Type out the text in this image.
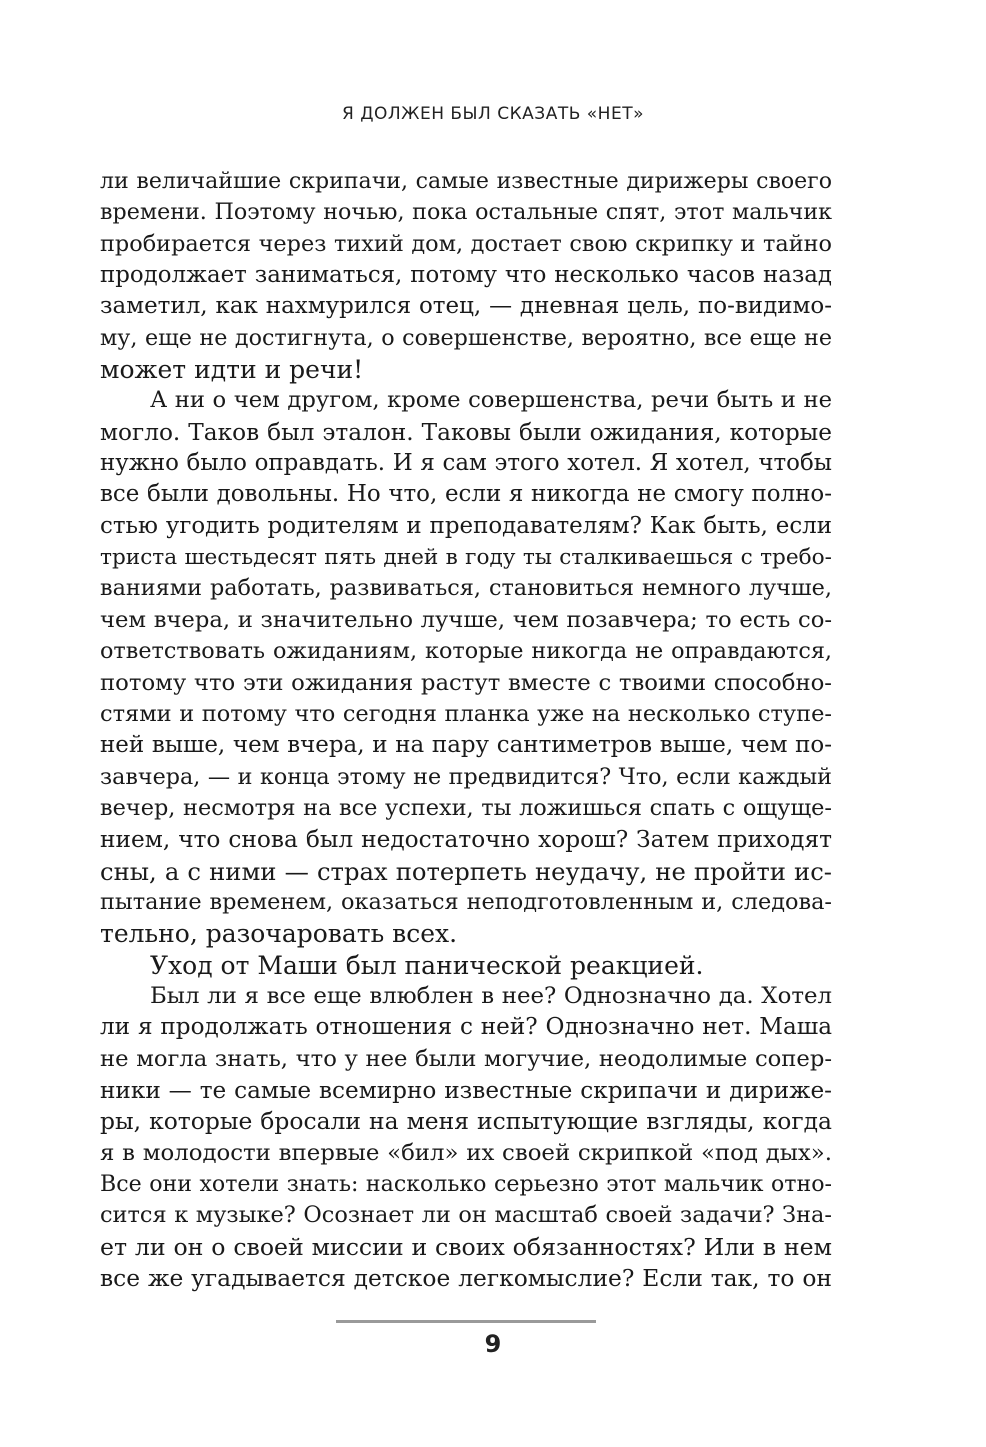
Я ДОЛЖЕН БЫЛ СКАЗАТЬ «НЕТ»
ли величайшие скрипачи, самые известные дирижеры своего
времени. Поэтому ночью, пока остальные спят, этот мальчик
пробирается через тихий дом, достает свою скрипку и тайно
продолжает заниматься, потому что несколько часов назад
заметил, как нахмурился отец, — дневная цель, по-видимо-
му, еще не достигнута, о совершенстве, вероятно, все еще не
может идти и речи!
А ни о чем другом, кроме совершенства, речи быть и не
могло. Таков был эталон. Таковы были ожидания, которые
нужно было оправдать. И я сам этого хотел. Я хотел, чтобы
все были довольны. Но что, если я никогда не смогу полно-
стью угодить родителям и преподавателям? Как быть, если
триста шестьдесят пять дней в году ты сталкиваешься с требо-
ваниями работать, развиваться, становиться немного лучше,
чем вчера, и значительно лучше, чем позавчера; то есть со-
ответствовать ожиданиям, которые никогда не оправдаются,
потому что эти ожидания растут вместе с твоими способно-
стями и потому что сегодня планка уже на несколько ступе-
ней выше, чем вчера, и на пару сантиметров выше, чем по-
завчера, — и конца этому не предвидится? Что, если каждый
вечер, несмотря на все успехи, ты ложишься спать с ощуще-
нием, что снова был недостаточно хорош? Затем приходят
сны, а с ними — страх потерпеть неудачу, не пройти ис-
пытание временем, оказаться неподготовленным и, следова-
тельно, разочаровать всех.
Уход от Маши был панической реакцией.
Был ли я все еще влюблен в нее? Однозначно да. Хотел
ли я продолжать отношения с ней? Однозначно нет. Маша
не могла знать, что у нее были могучие, неодолимые сопер-
ники — те самые всемирно известные скрипачи и дириже-
ры, которые бросали на меня испытующие взгляды, когда
я в молодости впервые «бил» их своей скрипкой «под дых».
Все они хотели знать: насколько серьезно этот мальчик отно-
сится к музыке? Осознает ли он масштаб своей задачи? Зна-
ет ли он о своей миссии и своих обязанностях? Или в нем
все же угадывается детское легкомыслие? Если так, то он
9
